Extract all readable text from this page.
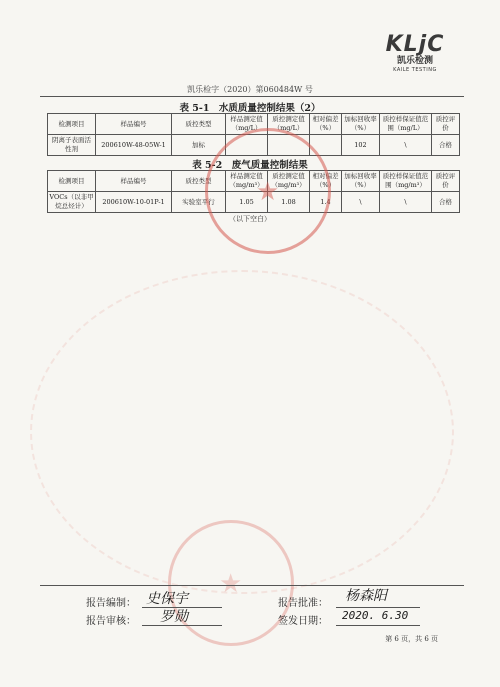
KLjC
凯乐检测
KAILE TESTING
凯乐检字（2020）第060484W 号
表 5-1　水质质量控制结果（2）
检测项目	样品编号	质控类型	样品测定值（mg/L）	质控测定值（mg/L）	相对偏差（%）	加标回收率（%）	质控样保证值范围（mg/L）	质控评价
阴离子表面活性剂	200610W-48-05W-1	加标				102	\	合格
表 5-2　废气质量控制结果
检测项目	样品编号	质控类型	样品测定值（mg/m³）	质控测定值（mg/m³）	相对偏差（%）	加标回收率（%）	质控样保证值范围（mg/m³）	质控评价
VOCs（以非甲烷总烃计）	200610W-10-01P-1	实验室平行	1.05	1.08	1.4	\	\	合格
（以下空白）
★
★
报告编制： 史保宇	报告批准： 杨森阳
报告审核： 罗勋	签发日期： 2020. 6.30
第 6 页，共 6 页
